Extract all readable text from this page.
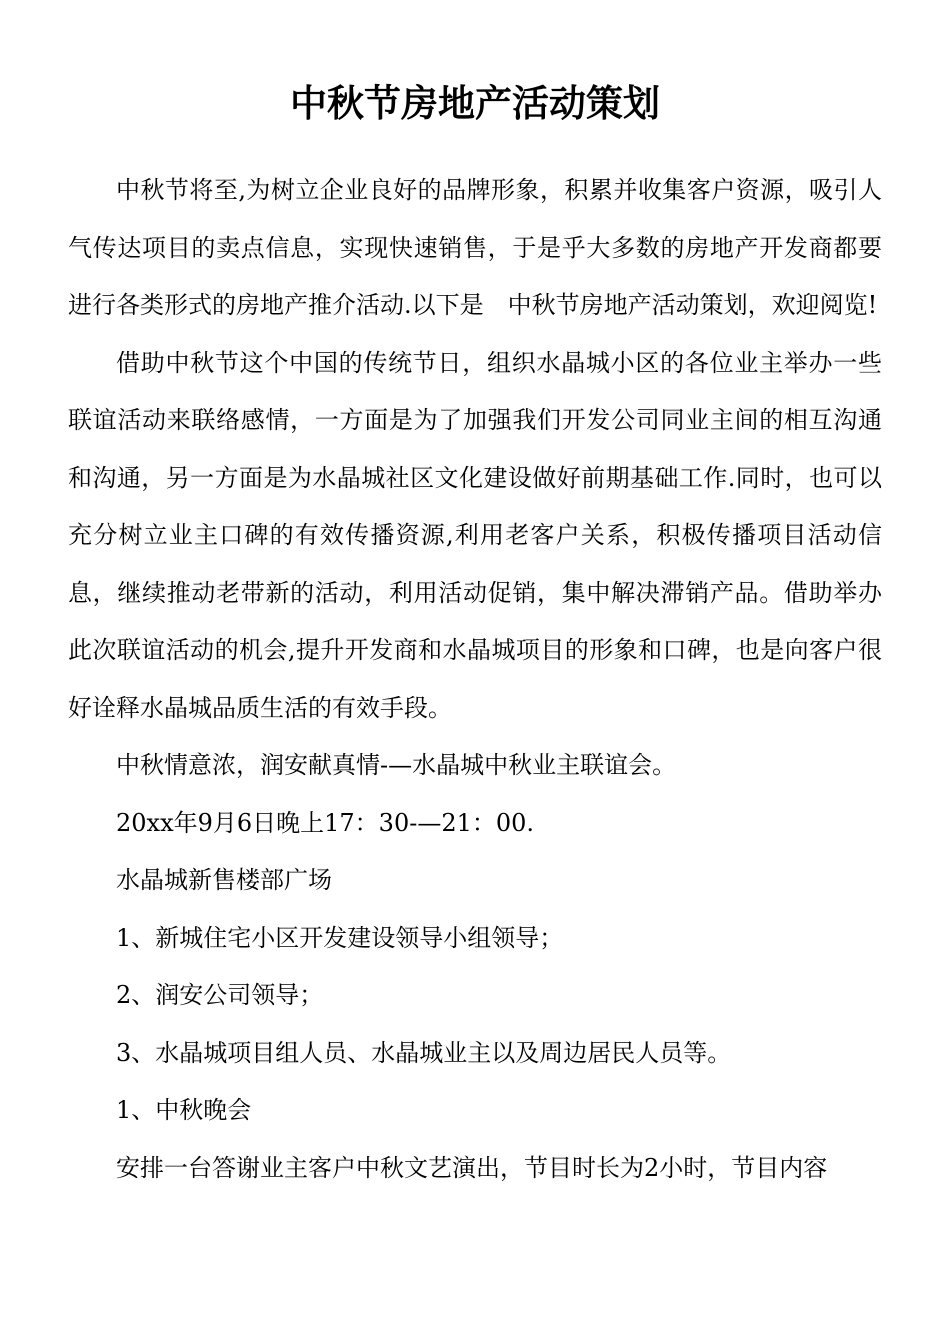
中秋节房地产活动策划

中秋节将至,为树立企业良好的品牌形象，积累并收集客户资源，吸引人气传达项目的卖点信息，实现快速销售，于是乎大多数的房地产开发商都要进行各类形式的房地产推介活动.以下是　中秋节房地产活动策划，欢迎阅览!

借助中秋节这个中国的传统节日，组织水晶城小区的各位业主举办一些联谊活动来联络感情，一方面是为了加强我们开发公司同业主间的相互沟通和沟通，另一方面是为水晶城社区文化建设做好前期基础工作.同时，也可以充分树立业主口碑的有效传播资源,利用老客户关系，积极传播项目活动信息，继续推动老带新的活动，利用活动促销，集中解决滞销产品。借助举办此次联谊活动的机会,提升开发商和水晶城项目的形象和口碑，也是向客户很好诠释水晶城品质生活的有效手段。

中秋情意浓，润安献真情-—水晶城中秋业主联谊会。

20xx年9月6日晚上17：30-—21：00.

水晶城新售楼部广场

1、新城住宅小区开发建设领导小组领导；

2、润安公司领导；

3、水晶城项目组人员、水晶城业主以及周边居民人员等。

1、中秋晚会

安排一台答谢业主客户中秋文艺演出，节目时长为2小时，节目内容
